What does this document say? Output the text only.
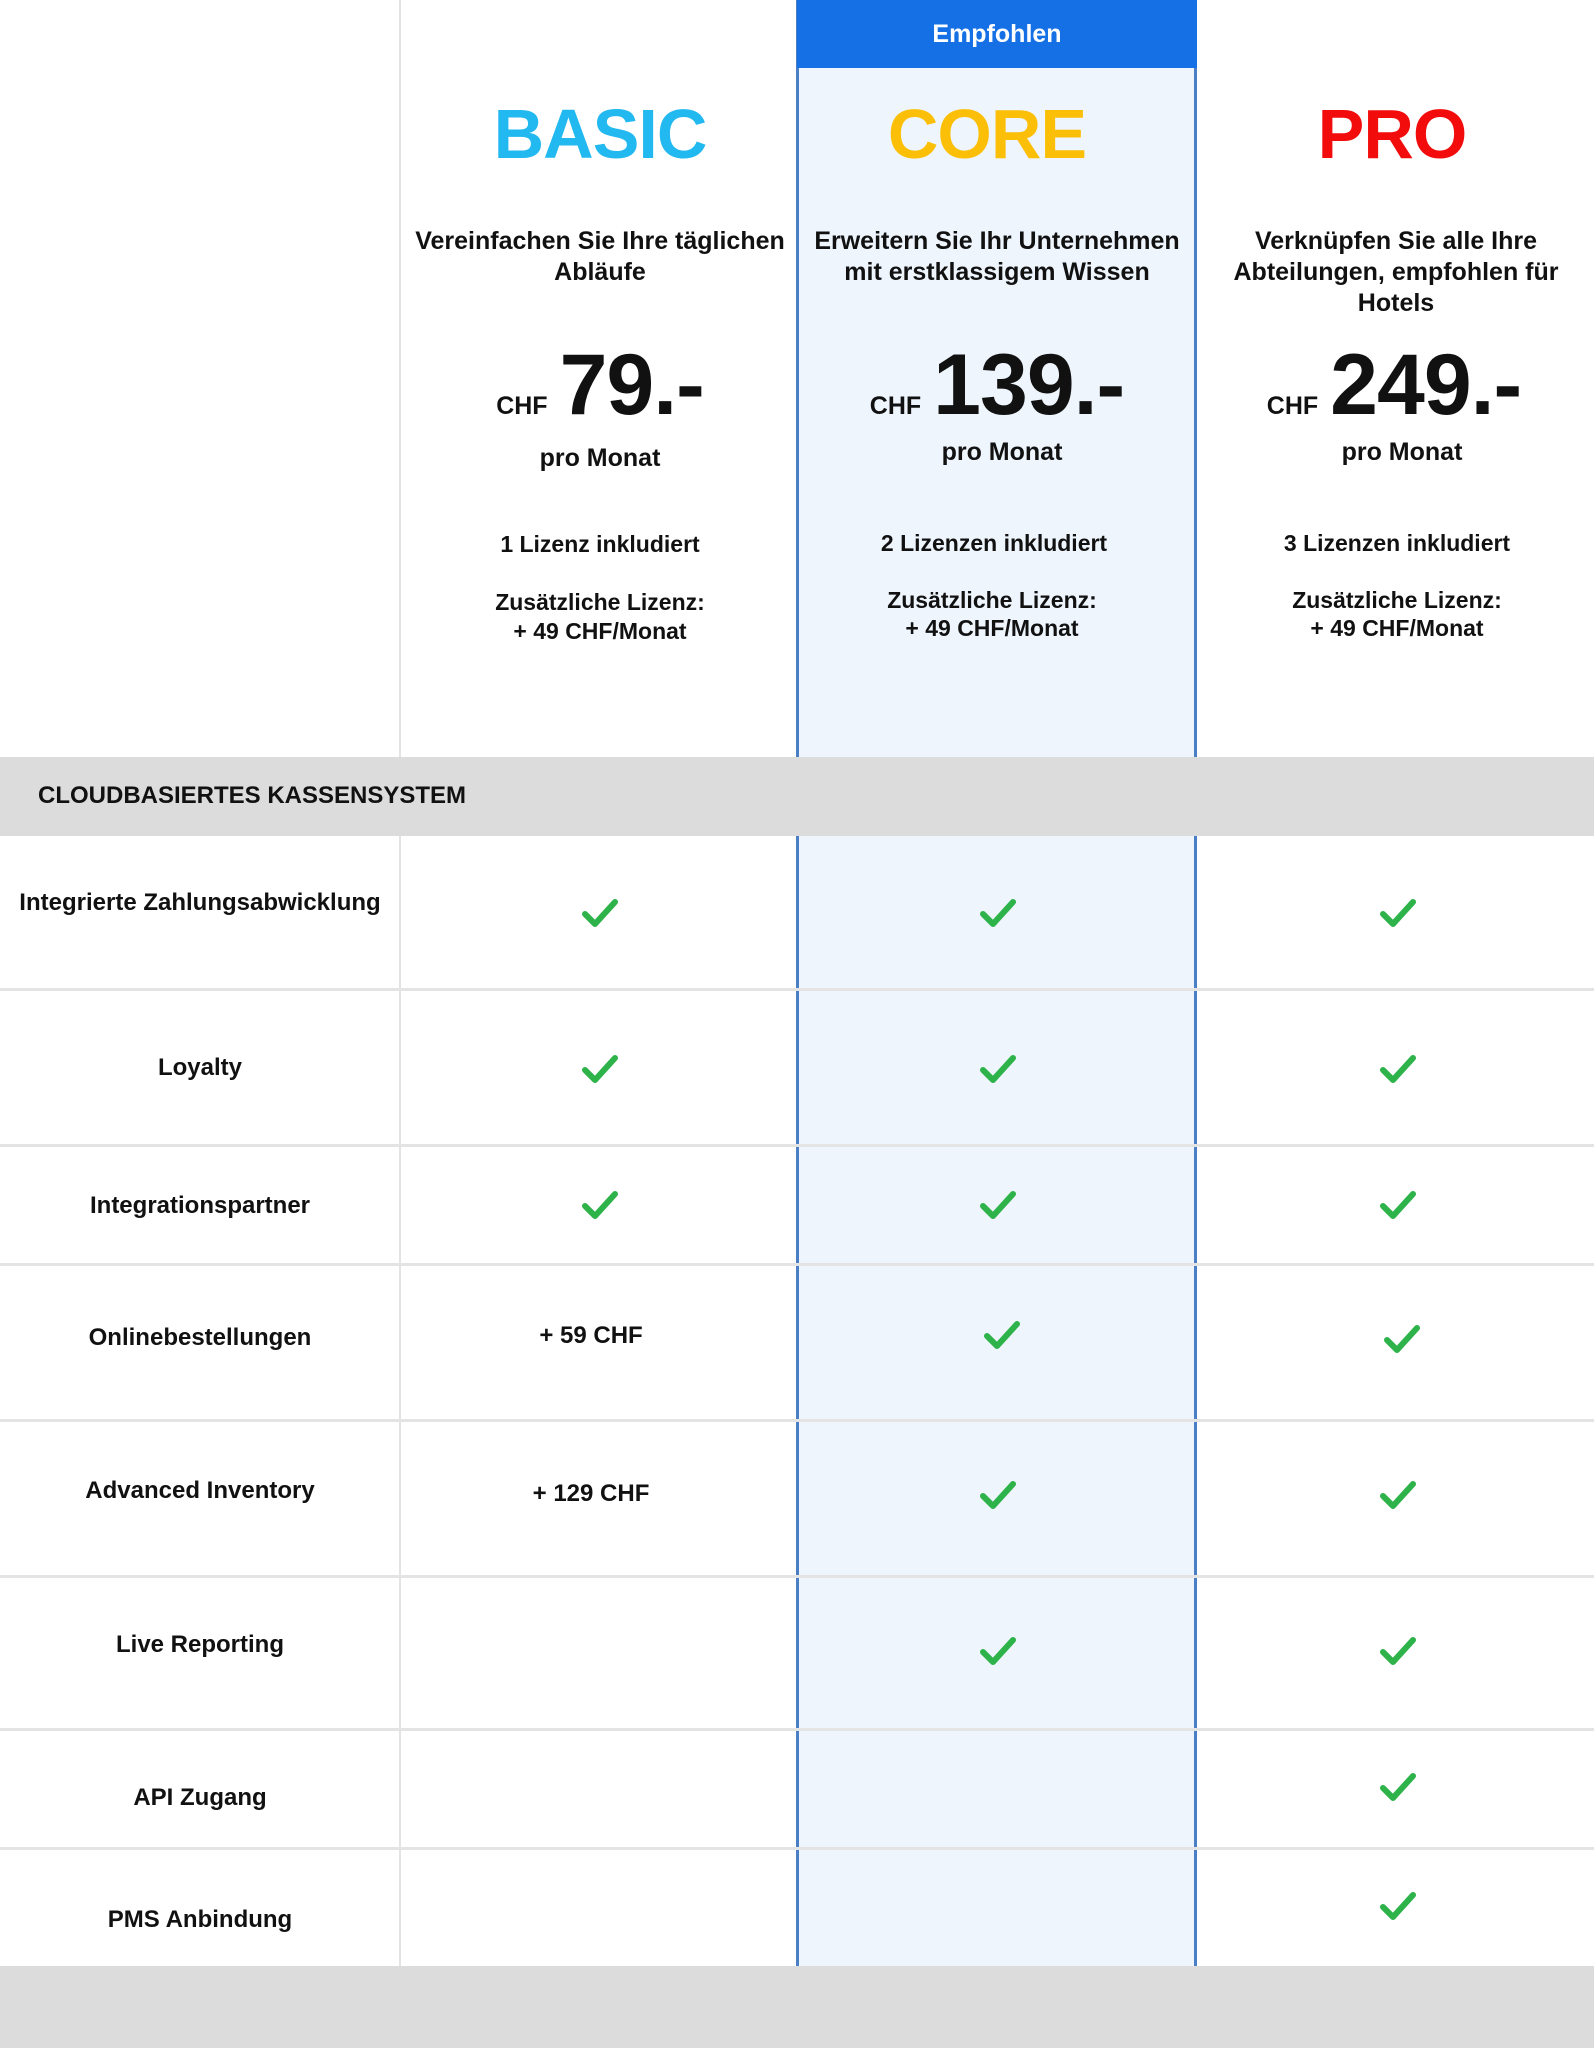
Empfohlen
BASIC
Vereinfachen Sie Ihre täglichen Abläufe
CHF 79.-
pro Monat
1 Lizenz inkludiert
Zusätzliche Lizenz:
+ 49 CHF/Monat
CORE
Erweitern Sie Ihr Unternehmen mit erstklassigem Wissen
CHF 139.-
pro Monat
2 Lizenzen inkludiert
Zusätzliche Lizenz:
+ 49 CHF/Monat
PRO
Verknüpfen Sie alle Ihre Abteilungen, empfohlen für Hotels
CHF 249.-
pro Monat
3 Lizenzen inkludiert
Zusätzliche Lizenz:
+ 49 CHF/Monat
CLOUDBASIERTES KASSENSYSTEM
Integrierte Zahlungsabwicklung
Loyalty
Integrationspartner
Onlinebestellungen
Advanced Inventory
Live Reporting
API Zugang
PMS Anbindung
+ 59 CHF
+ 129 CHF
